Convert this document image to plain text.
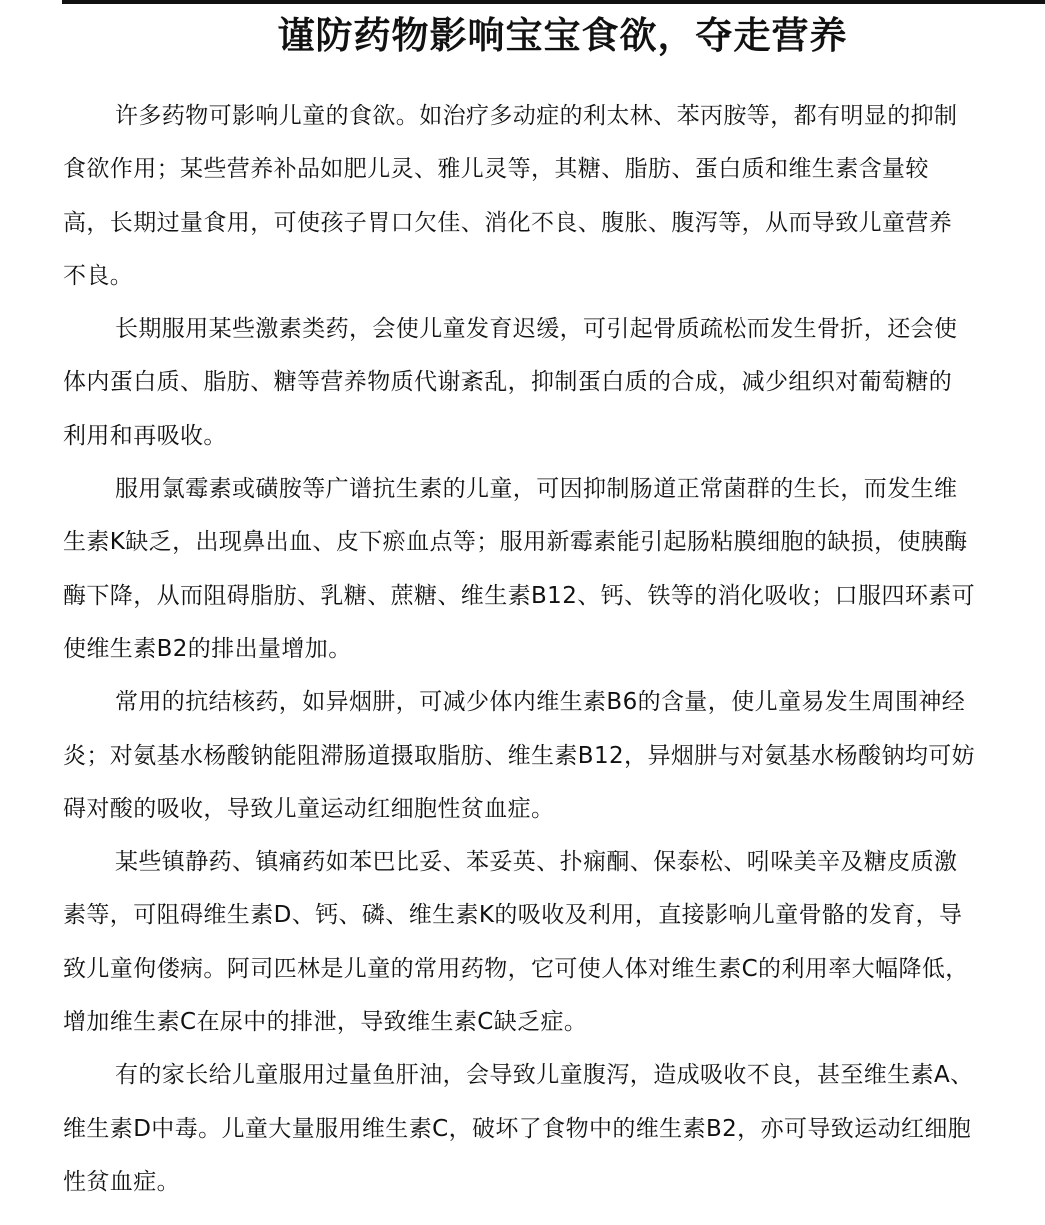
谨防药物影响宝宝食欲，夺走营养
许多药物可影响儿童的食欲。如治疗多动症的利太林、苯丙胺等，都有明显的抑制
食欲作用；某些营养补品如肥儿灵、雅儿灵等，其糖、脂肪、蛋白质和维生素含量较
高，长期过量食用，可使孩子胃口欠佳、消化不良、腹胀、腹泻等，从而导致儿童营养
不良。
长期服用某些激素类药，会使儿童发育迟缓，可引起骨质疏松而发生骨折，还会使
体内蛋白质、脂肪、糖等营养物质代谢紊乱，抑制蛋白质的合成，减少组织对葡萄糖的
利用和再吸收。
服用氯霉素或磺胺等广谱抗生素的儿童，可因抑制肠道正常菌群的生长，而发生维
生素K缺乏，出现鼻出血、皮下瘀血点等；服用新霉素能引起肠粘膜细胞的缺损，使胰酶
酶下降，从而阻碍脂肪、乳糖、蔗糖、维生素B12、钙、铁等的消化吸收；口服四环素可
使维生素B2的排出量增加。
常用的抗结核药，如异烟肼，可减少体内维生素B6的含量，使儿童易发生周围神经
炎；对氨基水杨酸钠能阻滞肠道摄取脂肪、维生素B12，异烟肼与对氨基水杨酸钠均可妨
碍对酸的吸收，导致儿童运动红细胞性贫血症。
某些镇静药、镇痛药如苯巴比妥、苯妥英、扑痫酮、保泰松、吲哚美辛及糖皮质激
素等，可阻碍维生素D、钙、磷、维生素K的吸收及利用，直接影响儿童骨骼的发育，导
致儿童佝偻病。阿司匹林是儿童的常用药物，它可使人体对维生素C的利用率大幅降低，
增加维生素C在尿中的排泄，导致维生素C缺乏症。
有的家长给儿童服用过量鱼肝油，会导致儿童腹泻，造成吸收不良，甚至维生素A、
维生素D中毒。儿童大量服用维生素C，破坏了食物中的维生素B2，亦可导致运动红细胞
性贫血症。
